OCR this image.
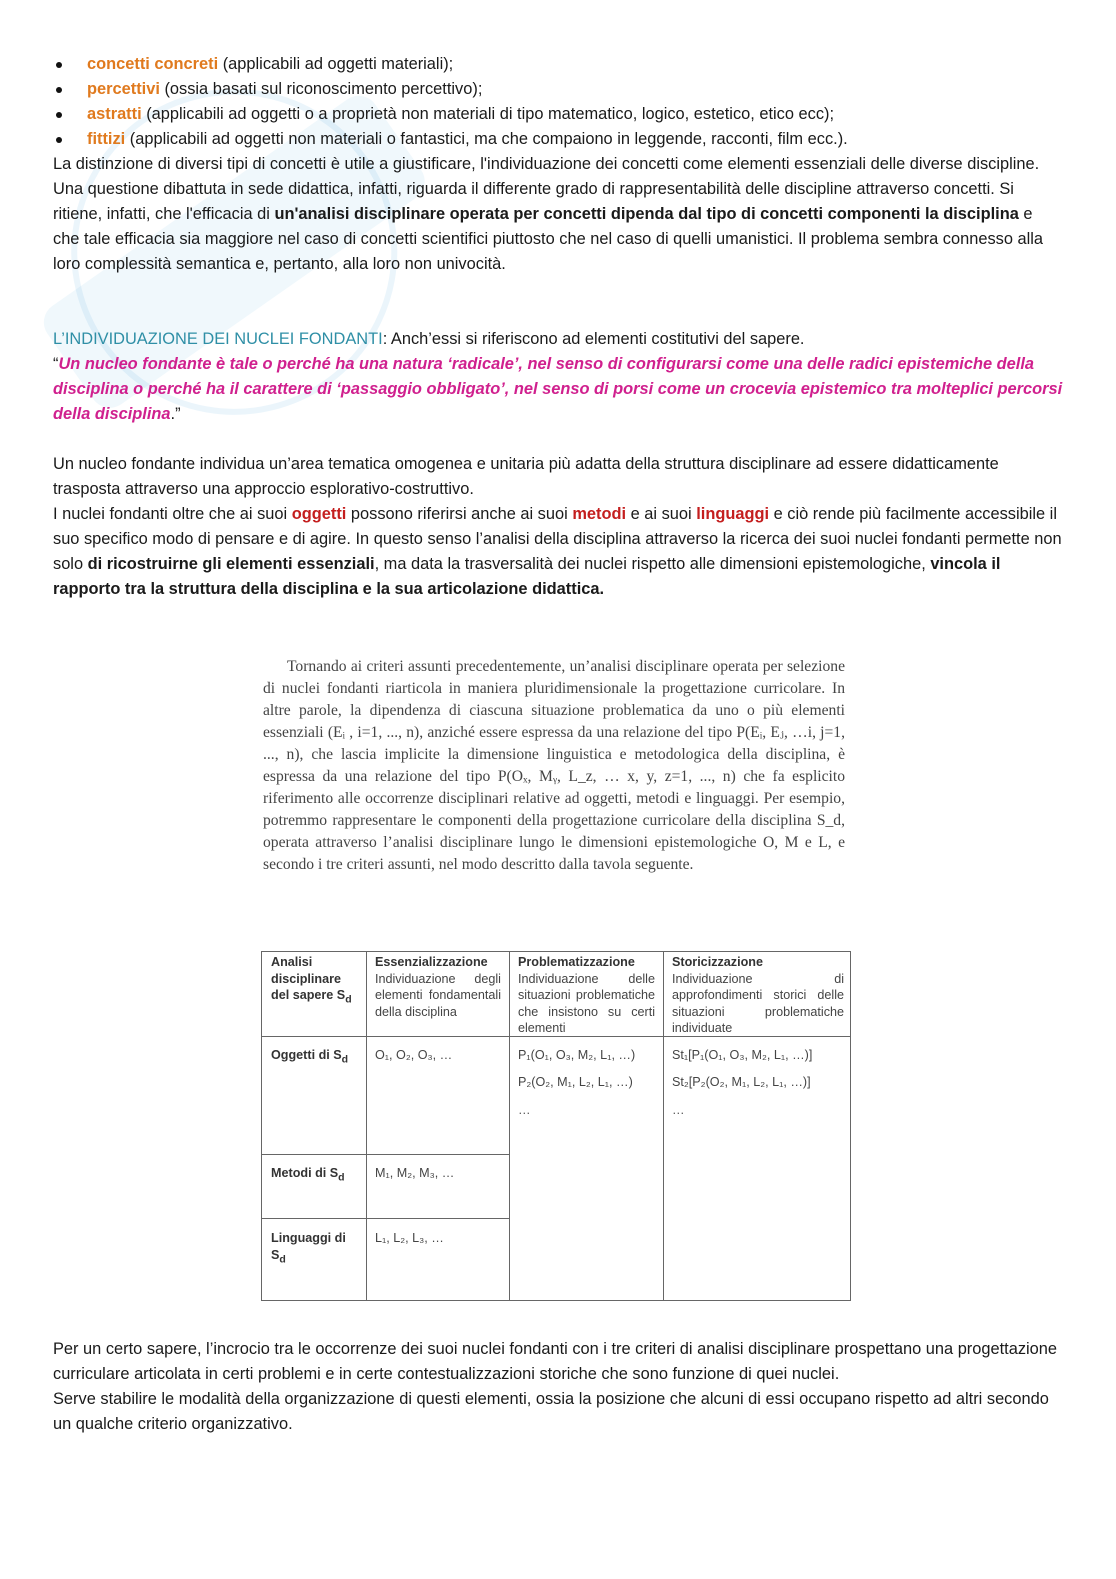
concetti concreti (applicabili ad oggetti materiali);
percettivi (ossia basati sul riconoscimento percettivo);
astratti (applicabili ad oggetti o a proprietà non materiali di tipo matematico, logico, estetico, etico ecc);
fittizi (applicabili ad oggetti non materiali o fantastici, ma che compaiono in leggende, racconti, film ecc.).

La distinzione di diversi tipi di concetti è utile a giustificare, l'individuazione dei concetti come elementi essenziali delle diverse discipline. Una questione dibattuta in sede didattica, infatti, riguarda il differente grado di rappresentabilità delle discipline attraverso concetti. Si ritiene, infatti, che l'efficacia di un'analisi disciplinare operata per concetti dipenda dal tipo di concetti componenti la disciplina e che tale efficacia sia maggiore nel caso di concetti scientifici piuttosto che nel caso di quelli umanistici. Il problema sembra connesso alla loro complessità semantica e, pertanto, alla loro non univocità.

L’INDIVIDUAZIONE DEI NUCLEI FONDANTI: Anch’essi si riferiscono ad elementi costitutivi del sapere.

“Un nucleo fondante è tale o perché ha una natura ‘radicale’, nel senso di configurarsi come una delle radici epistemiche della disciplina o perché ha il carattere di ‘passaggio obbligato’, nel senso di porsi come un crocevia epistemico tra molteplici percorsi della disciplina.”

Un nucleo fondante individua un’area tematica omogenea e unitaria più adatta della struttura disciplinare ad essere didatticamente trasposta attraverso una approccio esplorativo-costruttivo.

I nuclei fondanti oltre che ai suoi oggetti possono riferirsi anche ai suoi metodi e ai suoi linguaggi e ciò rende più facilmente accessibile il suo specifico modo di pensare e di agire. In questo senso l’analisi della disciplina attraverso la ricerca dei suoi nuclei fondanti permette non solo di ricostruirne gli elementi essenziali, ma data la trasversalità dei nuclei rispetto alle dimensioni epistemologiche, vincola il rapporto tra la struttura della disciplina e la sua articolazione didattica.

Tornando ai criteri assunti precedentemente, un’analisi disciplinare operata per selezione di nuclei fondanti riarticola in maniera pluridimensionale la progettazione curricolare. In altre parole, la dipendenza di ciascuna situazione problematica da uno o più elementi essenziali (Eᵢ , i=1, ..., n), anziché essere espressa da una relazione del tipo P(Eᵢ, Eⱼ, …i, j=1, ..., n), che lascia implicite la dimensione linguistica e metodologica della disciplina, è espressa da una relazione del tipo P(Oₓ, Mᵧ, L_z, … x, y, z=1, ..., n) che fa esplicito riferimento alle occorrenze disciplinari relative ad oggetti, metodi e linguaggi. Per esempio, potremmo rappresentare le componenti della progettazione curricolare della disciplina S_d, operata attraverso l’analisi disciplinare lungo le dimensioni epistemologiche O, M e L, e secondo i tre criteri assunti, nel modo descritto dalla tavola seguente.

Analisi disciplinare del sapere $S_d$
Essenzializzazione
Individuazione degli elementi fondamentali della disciplina
Problematizzazione
Individuazione delle situazioni problematiche che insistono su certi elementi
Storicizzazione
Individuazione di approfondimenti storici delle situazioni problematiche individuate
Oggetti di $S_d$
Metodi di $S_d$
Linguaggi di $S_d$
O₁, O₂, O₃, …
M₁, M₂, M₃, …
L₁, L₂, L₃, …
P₁(O₁, O₃, M₂, L₁, …)
P₂(O₂, M₁, L₂, L₁, …)
…
St₁[P₁(O₁, O₃, M₂, L₁, …)]
St₂[P₂(O₂, M₁, L₂, L₁, …)]
…

Per un certo sapere, l’incrocio tra le occorrenze dei suoi nuclei fondanti con i tre criteri di analisi disciplinare prospettano una progettazione curriculare articolata in certi problemi e in certe contestualizzazioni storiche che sono funzione di quei nuclei.

Serve stabilire le modalità della organizzazione di questi elementi, ossia la posizione che alcuni di essi occupano rispetto ad altri secondo un qualche criterio organizzativo.
